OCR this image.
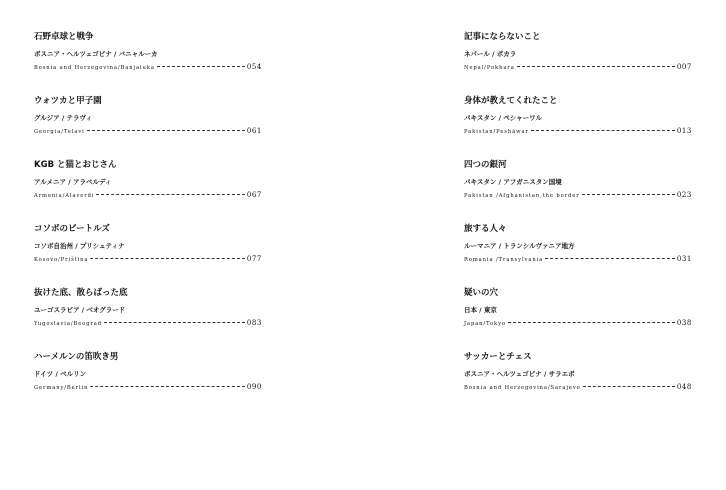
石野卓球と戦争
ボスニア・ヘルツェゴビナ / バニャルーカ
Bosnia and Herzegovina/Banjaluka	054
ウォツカと甲子園
グルジア / テラヴィ
Georgia/Telavi	061
KGB と猫とおじさん
アルメニア / アラベルディ
Armenia/Alaverdi	067
コソボのビートルズ
コソボ自治州 / プリシュティナ
Kosovo/Priština	077
抜けた底、散らばった底
ユーゴスラビア / ベオグラード
Yugoslavia/Beograd	083
ハーメルンの笛吹き男
ドイツ / ベルリン
Germany/Berlin	090
記事にならないこと
ネパール / ポカラ
Nepal/Pokhara	007
身体が教えてくれたこと
パキスタン / ペシャーワル
Pakistan/Peshāwar	013
四つの銀河
パキスタン / アフガニスタン国境
Pakistan /Afghanistan,the border	023
旅する人々
ルーマニア / トランシルヴァニア地方
Romania /Transylvania	031
疑いの穴
日本 / 東京
Japan/Tokyo	038
サッカーとチェス
ボスニア・ヘルツェゴビナ / サラエボ
Bosnia and Herzegovina/Sarajevo	048
